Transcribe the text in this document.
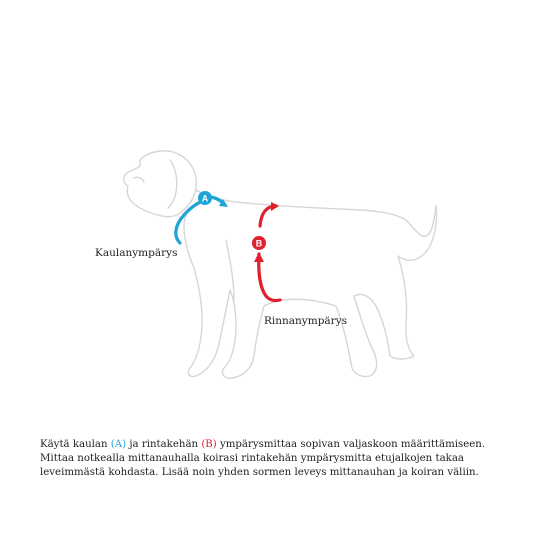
A
B
Kaulanympärys
Rinnanympärys
Käytä kaulan (A) ja rintakehän (B) ympärysmittaa sopivan valjaskoon määrittämiseen.
Mittaa notkealla mittanauhalla koirasi rintakehän ympärysmitta etujalkojen takaa
leveimmästä kohdasta. Lisää noin yhden sormen leveys mittanauhan ja koiran väliin.
